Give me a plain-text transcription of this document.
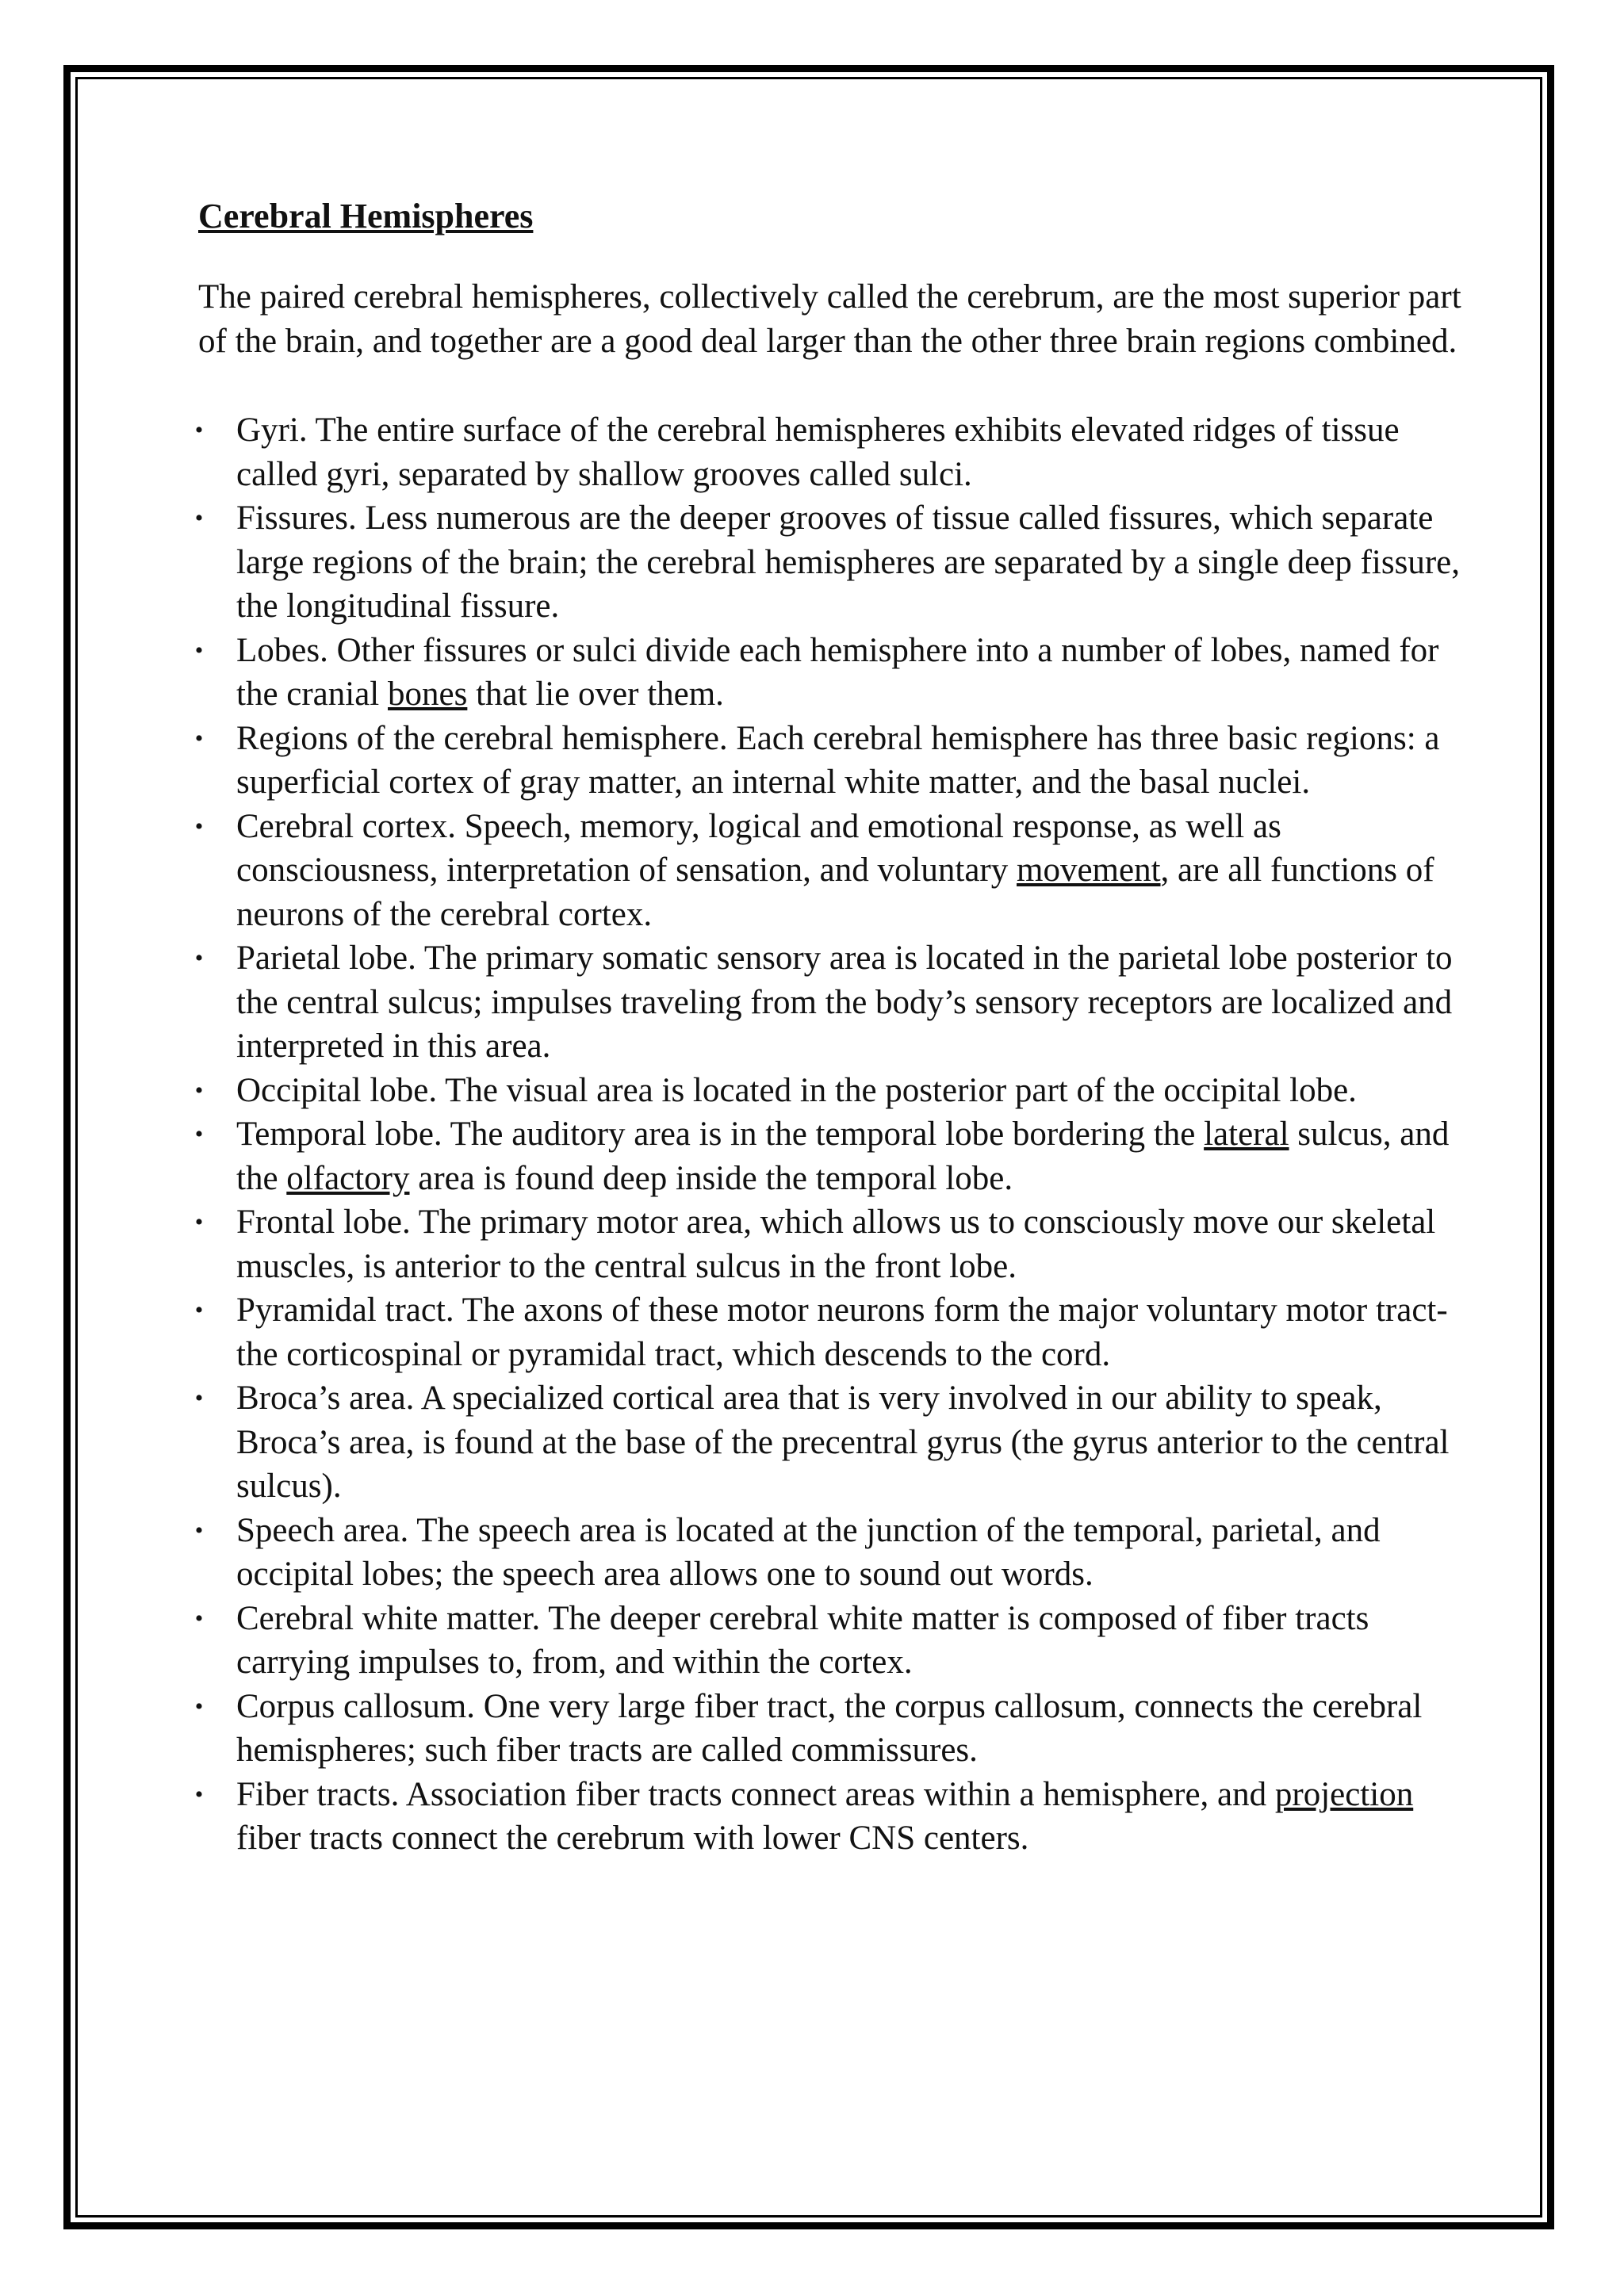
Cerebral Hemispheres
The paired cerebral hemispheres, collectively called the cerebrum, are the most superior part of the brain, and together are a good deal larger than the other three brain regions combined.
• Gyri. The entire surface of the cerebral hemispheres exhibits elevated ridges of tissue called gyri, separated by shallow grooves called sulci.
• Fissures. Less numerous are the deeper grooves of tissue called fissures, which separate large regions of the brain; the cerebral hemispheres are separated by a single deep fissure, the longitudinal fissure.
• Lobes. Other fissures or sulci divide each hemisphere into a number of lobes, named for the cranial bones that lie over them.
• Regions of the cerebral hemisphere. Each cerebral hemisphere has three basic regions: a superficial cortex of gray matter, an internal white matter, and the basal nuclei.
• Cerebral cortex. Speech, memory, logical and emotional response, as well as consciousness, interpretation of sensation, and voluntary movement, are all functions of neurons of the cerebral cortex.
• Parietal lobe. The primary somatic sensory area is located in the parietal lobe posterior to the central sulcus; impulses traveling from the body’s sensory receptors are localized and interpreted in this area.
• Occipital lobe. The visual area is located in the posterior part of the occipital lobe.
• Temporal lobe. The auditory area is in the temporal lobe bordering the lateral sulcus, and the olfactory area is found deep inside the temporal lobe.
• Frontal lobe. The primary motor area, which allows us to consciously move our skeletal muscles, is anterior to the central sulcus in the front lobe.
• Pyramidal tract. The axons of these motor neurons form the major voluntary motor tract- the corticospinal or pyramidal tract, which descends to the cord.
• Broca’s area. A specialized cortical area that is very involved in our ability to speak, Broca’s area, is found at the base of the precentral gyrus (the gyrus anterior to the central sulcus).
• Speech area. The speech area is located at the junction of the temporal, parietal, and occipital lobes; the speech area allows one to sound out words.
• Cerebral white matter. The deeper cerebral white matter is composed of fiber tracts carrying impulses to, from, and within the cortex.
• Corpus callosum. One very large fiber tract, the corpus callosum, connects the cerebral hemispheres; such fiber tracts are called commissures.
• Fiber tracts. Association fiber tracts connect areas within a hemisphere, and projection fiber tracts connect the cerebrum with lower CNS centers.
